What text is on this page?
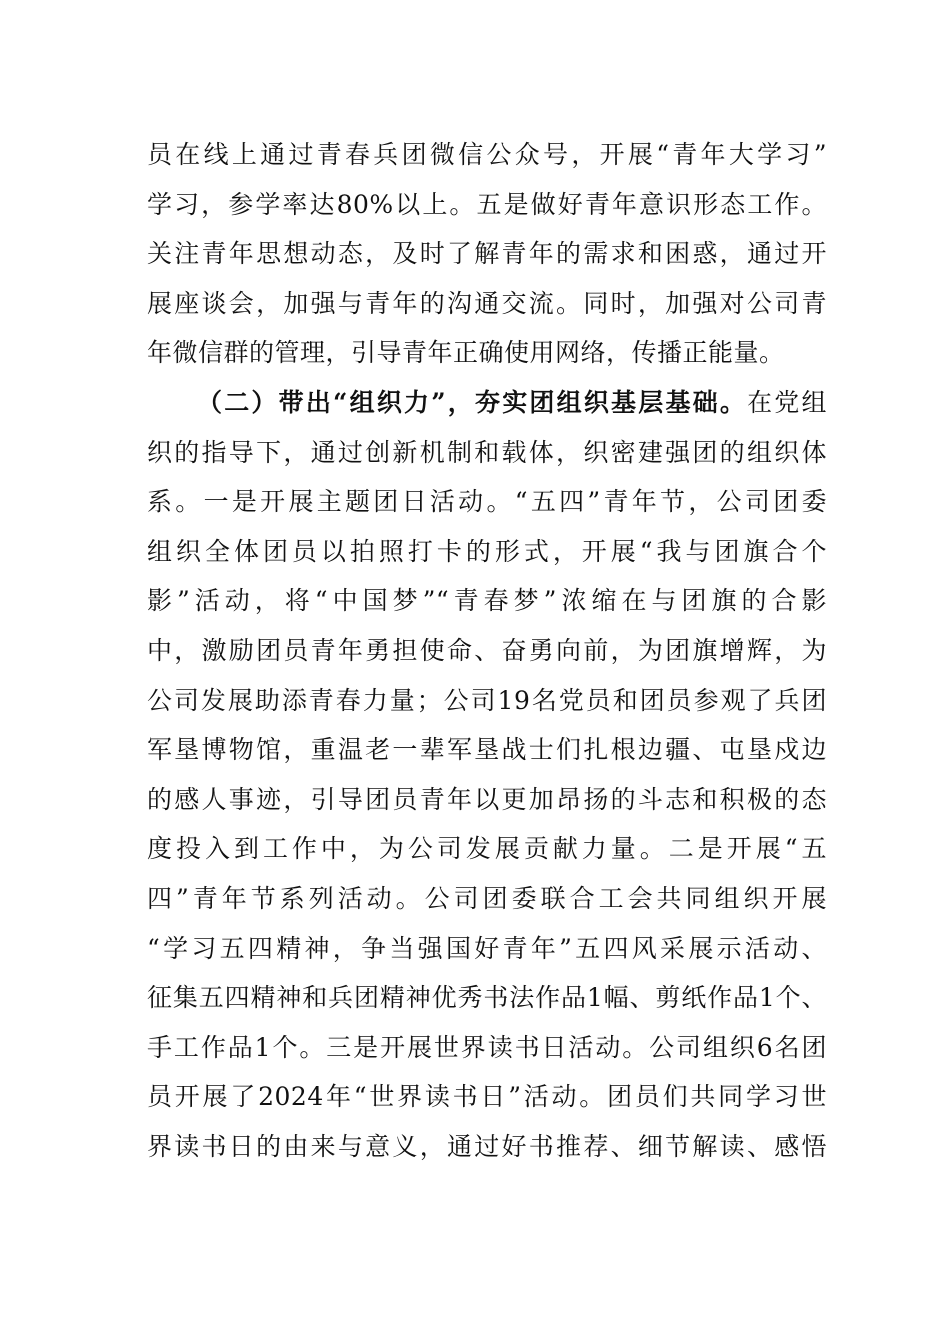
员在线上通过青春兵团微信公众号，开展“青年大学习”
学习，参学率达80%以上。五是做好青年意识形态工作。
关注青年思想动态，及时了解青年的需求和困惑，通过开
展座谈会，加强与青年的沟通交流。同时，加强对公司青
年微信群的管理，引导青年正确使用网络，传播正能量。
（二）带出“组织力”，夯实团组织基层基础。在党组
织的指导下，通过创新机制和载体，织密建强团的组织体
系。一是开展主题团日活动。“五四”青年节，公司团委
组织全体团员以拍照打卡的形式，开展“我与团旗合个
影”活动，将“中国梦”“青春梦”浓缩在与团旗的合影
中，激励团员青年勇担使命、奋勇向前，为团旗增辉，为
公司发展助添青春力量；公司19名党员和团员参观了兵团
军垦博物馆，重温老一辈军垦战士们扎根边疆、屯垦戍边
的感人事迹，引导团员青年以更加昂扬的斗志和积极的态
度投入到工作中，为公司发展贡献力量。二是开展“五
四”青年节系列活动。公司团委联合工会共同组织开展
“学习五四精神，争当强国好青年”五四风采展示活动、
征集五四精神和兵团精神优秀书法作品1幅、剪纸作品1个、
手工作品1个。三是开展世界读书日活动。公司组织6名团
员开展了2024年“世界读书日”活动。团员们共同学习世
界读书日的由来与意义，通过好书推荐、细节解读、感悟
